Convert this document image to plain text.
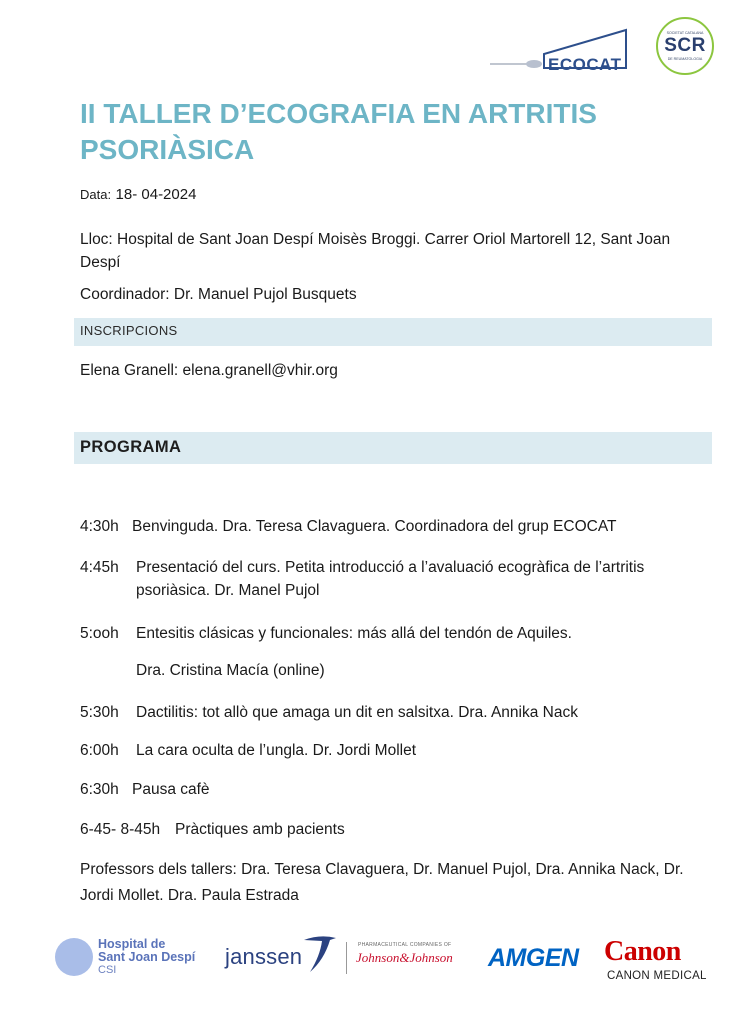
ECOCAT
SOCIETAT CATALANA
SCR
DE REUMATOLOGIA
II TALLER D’ECOGRAFIA EN ARTRITIS PSORIÀSICA
Data: 18- 04-2024
Lloc: Hospital de Sant Joan Despí Moisès Broggi. Carrer Oriol Martorell 12, Sant Joan Despí
Coordinador: Dr. Manuel Pujol Busquets
INSCRIPCIONS
Elena Granell: elena.granell@vhir.org
PROGRAMA
4:30h Benvinguda. Dra. Teresa Clavaguera. Coordinadora del grup ECOCAT
4:45h Presentació del curs. Petita introducció a l’avaluació ecogràfica de l’artritis psoriàsica. Dr. Manel Pujol
5:ooh Entesitis clásicas y funcionales: más allá del tendón de Aquiles.
Dra. Cristina Macía (online)
5:30h Dactilitis: tot allò que amaga un dit en salsitxa. Dra. Annika Nack
6:00h La cara oculta de l’ungla. Dr. Jordi Mollet
6:30h Pausa cafè
6-45- 8-45h Pràctiques amb pacients
Professors dels tallers: Dra. Teresa Clavaguera, Dr. Manuel Pujol, Dra. Annika Nack, Dr. Jordi Mollet. Dra. Paula Estrada
Hospital de
Sant Joan Despí
CSI
janssen	PHARMACEUTICAL COMPANIES OF
Johnson&Johnson AMGEN Canon
CANON MEDICAL
